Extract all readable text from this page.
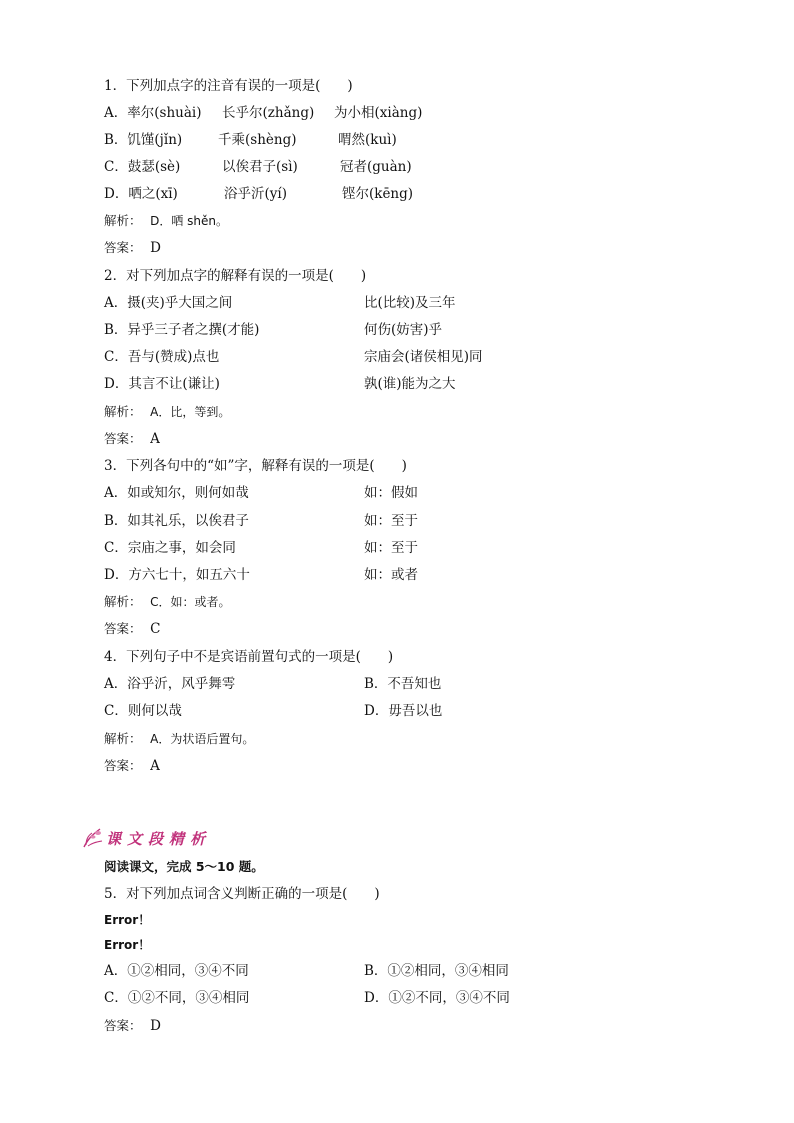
1．下列加点字的注音有误的一项是(　　)
A．率尔(shuài) 长乎尔(zhǎng) 为小相(xiàng)
B．饥馑(jǐn)	千乘(shèng)	喟然(kuì)
C．鼓瑟(sè)	以俟君子(sì)	冠者(guàn)
D．哂之(xī)	浴乎沂(yí)	铿尔(kēng)
解析： D．哂 shěn。
答案： D
2．对下列加点字的解释有误的一项是(　　)
A．摄(夹)乎大国之间	比(比较)及三年
B．异乎三子者之撰(才能)	何伤(妨害)乎
C．吾与(赞成)点也	宗庙会(诸侯相见)同
D．其言不让(谦让)	孰(谁)能为之大
解析： A．比，等到。
答案： A
3．下列各句中的“如”字，解释有误的一项是(　　)
A．如或知尔，则何如哉	如：假如
B．如其礼乐，以俟君子	如：至于
C．宗庙之事，如会同	如：至于
D．方六七十，如五六十	如：或者
解析： C．如：或者。
答案： C
4．下列句子中不是宾语前置句式的一项是(　　)
A．浴乎沂，风乎舞雩	B．不吾知也
C．则何以哉	D．毋吾以也
解析： A．为状语后置句。
答案： A
课 文 段 精 析
阅读课文，完成 5～10 题。
5．对下列加点词含义判断正确的一项是(　　)
Error！
Error！
A．①②相同，③④不同	B．①②相同，③④相同
C．①②不同，③④相同	D．①②不同，③④不同
答案： D
